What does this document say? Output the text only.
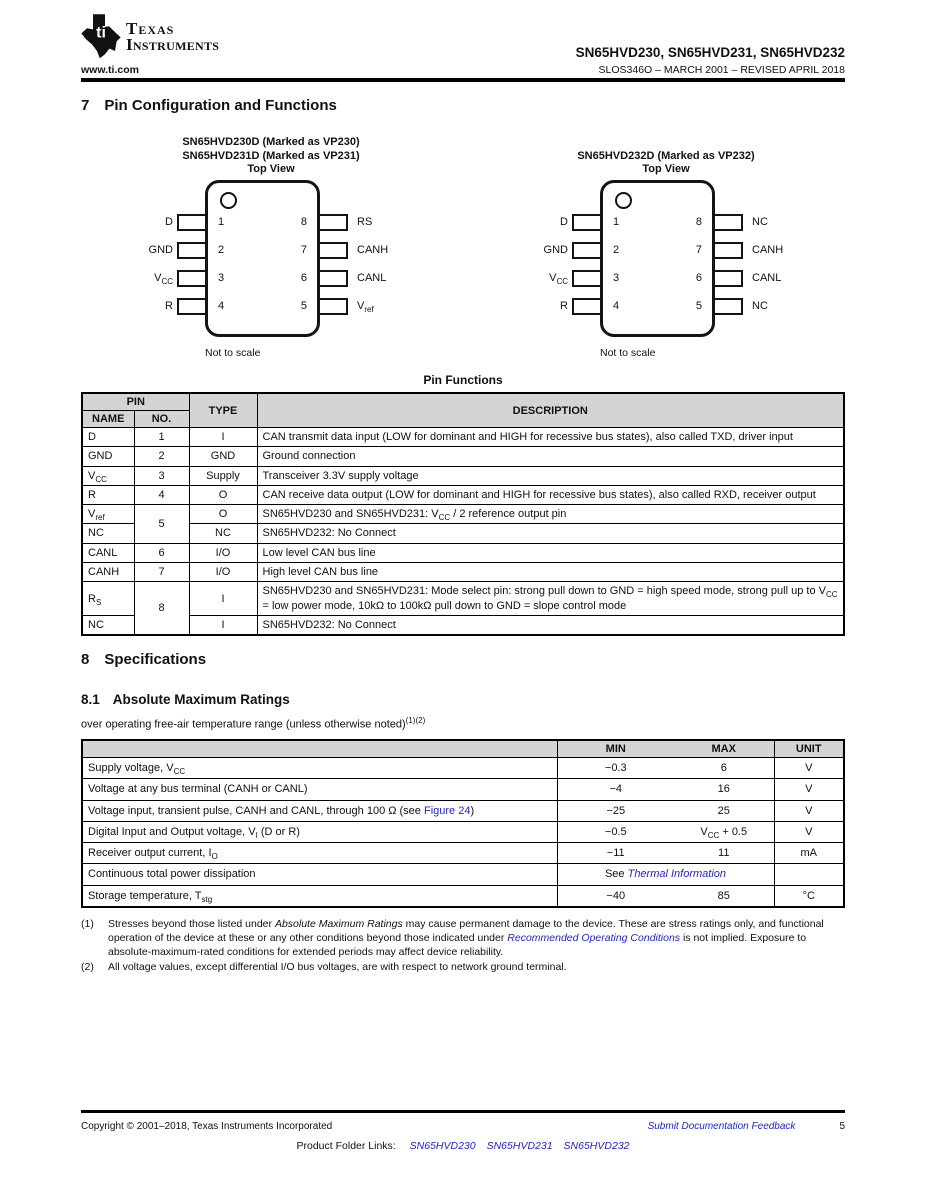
ti Texas
Instruments	SN65HVD230, SN65HVD231, SN65HVD232
www.ti.com	SLOS346O – MARCH 2001 – REVISED APRIL 2018
7 Pin Configuration and Functions
SN65HVD230D (Marked as VP230)
SN65HVD231D (Marked as VP231)
Top View
D	1	8	RS
GND	2	7	CANH
$V_{CC}$	3	6	CANL
R	4	5	$V_{ref}$
Not to scale
SN65HVD232D (Marked as VP232)
Top View
D	1	8	NC
GND	2	7	CANH
$V_{CC}$	3	6	CANL
R	4	5	NC
Not to scale
Pin Functions
PIN		TYPE	DESCRIPTION
NAME	NO.		
D	1	I	CAN transmit data input (LOW for dominant and HIGH for recessive bus states), also called TXD, driver input
GND	2	GND	Ground connection
$V_{CC}$	3	Supply	Transceiver 3.3V supply voltage
R	4	O	CAN receive data output (LOW for dominant and HIGH for recessive bus states), also called RXD, receiver output
$V_{ref}$	5	O	SN65HVD230 and SN65HVD231: $V_{CC} / 2$ reference output pin
NC		NC	SN65HVD232: No Connect
CANL	6	I/O	Low level CAN bus line
CANH	7	I/O	High level CAN bus line
$R_S$	8	I	SN65HVD230 and SN65HVD231: Mode select pin: strong pull down to GND = high speed mode, strong pull up to $V_{CC}$ = low power mode, 10kΩ to 100kΩ pull down to GND = slope control mode
NC		I	SN65HVD232: No Connect
8 Specifications
8.1 Absolute Maximum Ratings
over operating free-air temperature range (unless otherwise noted)$^{(1)(2)}$
	MIN	MAX	UNIT
Supply voltage, $V_{CC}$	−0.3	6	V
Voltage at any bus terminal (CANH or CANL)	−4	16	V
Voltage input, transient pulse, CANH and CANL, through 100 Ω (see Figure 24)	−25	25	V
Digital Input and Output voltage, $V_I$ (D or R)	−0.5	$V_{CC} + 0.5$	V
Receiver output current, $I_O$	−11	11	mA
Continuous total power dissipation	See Thermal Information		
Storage temperature, $T_{stg}$	−40	85	°C
(1)	Stresses beyond those listed under Absolute Maximum Ratings may cause permanent damage to the device. These are stress ratings only, and functional operation of the device at these or any other conditions beyond those indicated under Recommended Operating Conditions is not implied. Exposure to absolute-maximum-rated conditions for extended periods may affect device reliability.
(2)	All voltage values, except differential I/O bus voltages, are with respect to network ground terminal.
Copyright © 2001–2018, Texas Instruments Incorporated	Submit Documentation Feedback	5
Product Folder Links: SN65HVD230 SN65HVD231 SN65HVD232
